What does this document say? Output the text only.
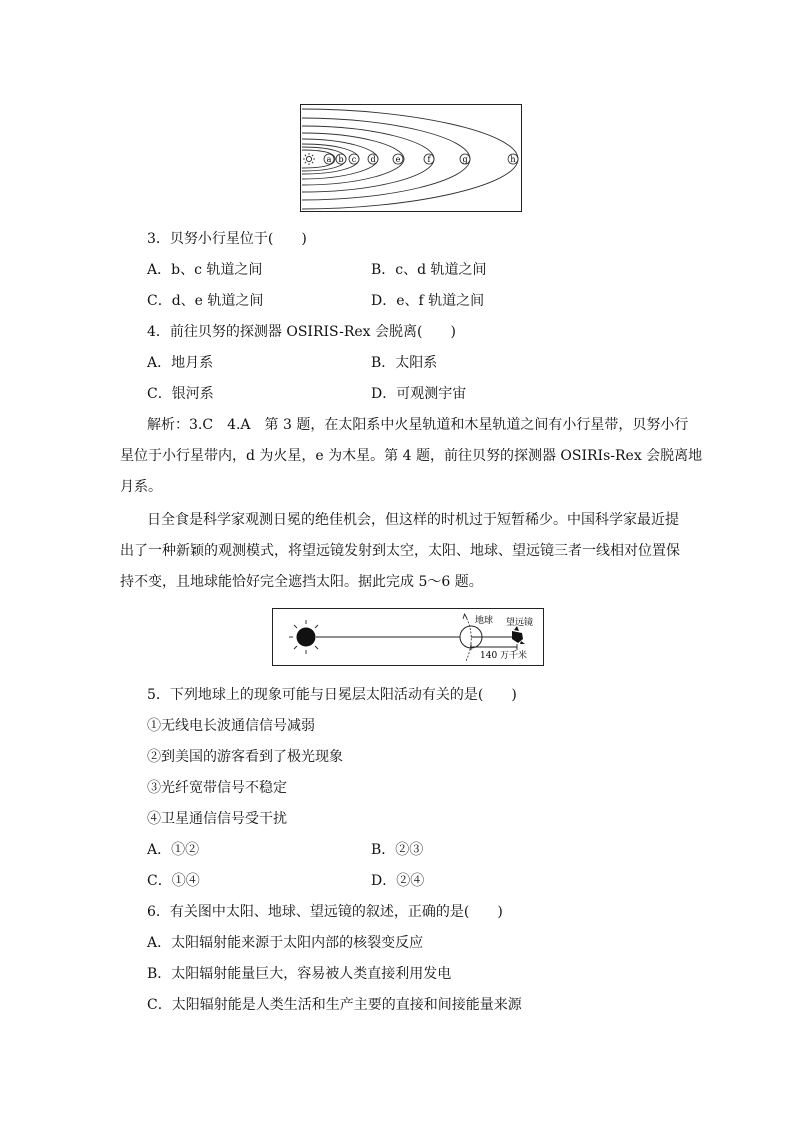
a b c d	e	f	g	h
3．贝努小行星位于(　　)
A．b、c 轨道之间	B．c、d 轨道之间
C．d、e 轨道之间	D．e、f 轨道之间
4．前往贝努的探测器 OSIRIS-Rex 会脱离(　　)
A．地月系	B．太阳系
C．银河系	D．可观测宇宙
解析：3.C　4.A　第 3 题，在太阳系中火星轨道和木星轨道之间有小行星带，贝努小行
星位于小行星带内，d 为火星，e 为木星。第 4 题，前往贝努的探测器 OSIRIs-Rex 会脱离地
月系。
日全食是科学家观测日冕的绝佳机会，但这样的时机过于短暂稀少。中国科学家最近提
出了一种新颖的观测模式，将望远镜发射到太空，太阳、地球、望远镜三者一线相对位置保
持不变，且地球能恰好完全遮挡太阳。据此完成 5～6 题。
地球 望远镜
140 万千米
5．下列地球上的现象可能与日冕层太阳活动有关的是(　　)
①无线电长波通信信号减弱
②到美国的游客看到了极光现象
③光纤宽带信号不稳定
④卫星通信信号受干扰
A．①②	B．②③
C．①④	D．②④
6．有关图中太阳、地球、望远镜的叙述，正确的是(　　)
A．太阳辐射能来源于太阳内部的核裂变反应
B．太阳辐射能量巨大，容易被人类直接利用发电
C．太阳辐射能是人类生活和生产主要的直接和间接能量来源
